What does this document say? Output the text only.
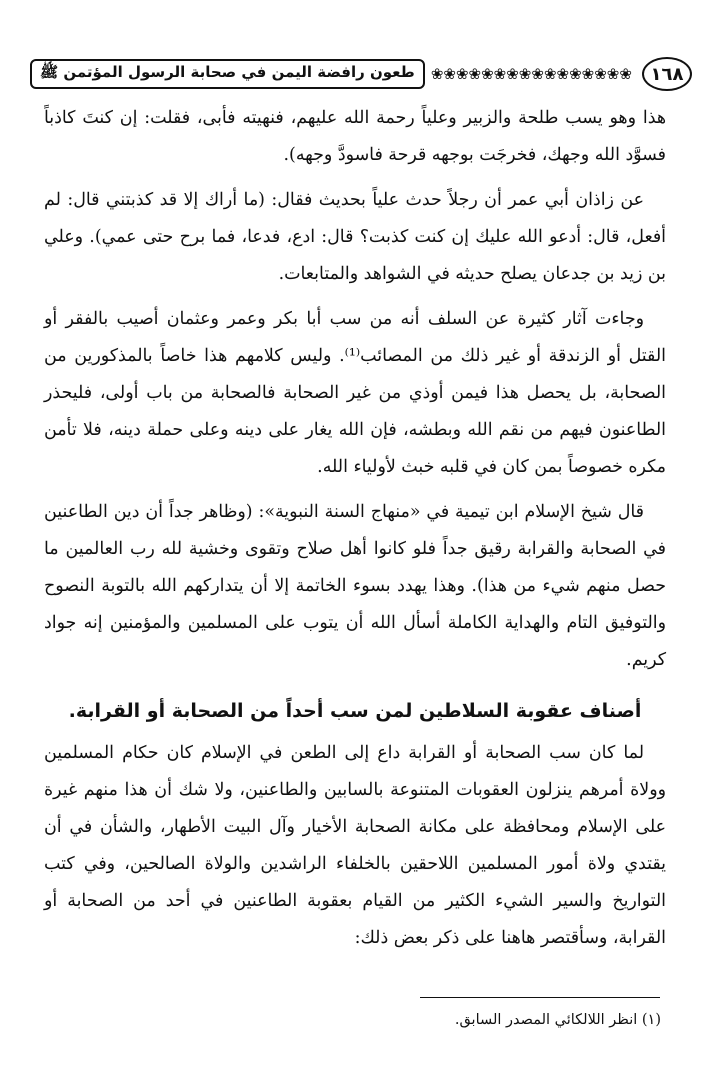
١٦٨
❀❀❀❀❀❀❀❀❀❀❀❀❀❀❀❀
طعون رافضة اليمن في صحابة الرسول المؤتمن ﷺ

هذا وهو يسب طلحة والزبير وعلياً رحمة الله عليهم، فنهيته فأبى، فقلت: إن كنتَ كاذباً فسوَّد الله وجهك، فخرجَت بوجهه قرحة فاسودَّ وجهه).

عن زاذان أبي عمر أن رجلاً حدث علياً بحديث فقال: (ما أراك إلا قد كذبتني قال: لم أفعل، قال: أدعو الله عليك إن كنت كذبت؟ قال: ادع، فدعا، فما برح حتى عمي). وعلي بن زيد بن جدعان يصلح حديثه في الشواهد والمتابعات.

وجاءت آثار كثيرة عن السلف أنه من سب أبا بكر وعمر وعثمان أصيب بالفقر أو القتل أو الزندقة أو غير ذلك من المصائب⁽¹⁾. وليس كلامهم هذا خاصاً بالمذكورين من الصحابة، بل يحصل هذا فيمن أوذي من غير الصحابة فالصحابة من باب أولى، فليحذر الطاعنون فيهم من نقم الله وبطشه، فإن الله يغار على دينه وعلى حملة دينه، فلا تأمن مكره خصوصاً بمن كان في قلبه خبث لأولياء الله.

قال شيخ الإسلام ابن تيمية في «منهاج السنة النبوية»: (وظاهر جداً أن دين الطاعنين في الصحابة والقرابة رقيق جداً فلو كانوا أهل صلاح وتقوى وخشية لله رب العالمين ما حصل منهم شيء من هذا). وهذا يهدد بسوء الخاتمة إلا أن يتداركهم الله بالتوبة النصوح والتوفيق التام والهداية الكاملة أسأل الله أن يتوب على المسلمين والمؤمنين إنه جواد كريم.

أصناف عقوبة السلاطين لمن سب أحداً من الصحابة أو القرابة.

لما كان سب الصحابة أو القرابة داع إلى الطعن في الإسلام كان حكام المسلمين وولاة أمرهم ينزلون العقوبات المتنوعة بالسابين والطاعنين، ولا شك أن هذا منهم غيرة على الإسلام ومحافظة على مكانة الصحابة الأخيار وآل البيت الأطهار، والشأن في أن يقتدي ولاة أمور المسلمين اللاحقين بالخلفاء الراشدين والولاة الصالحين، وفي كتب التواريخ والسير الشيء الكثير من القيام بعقوبة الطاعنين في أحد من الصحابة أو القرابة، وسأقتصر هاهنا على ذكر بعض ذلك:

(١) انظر اللالكائي المصدر السابق.
